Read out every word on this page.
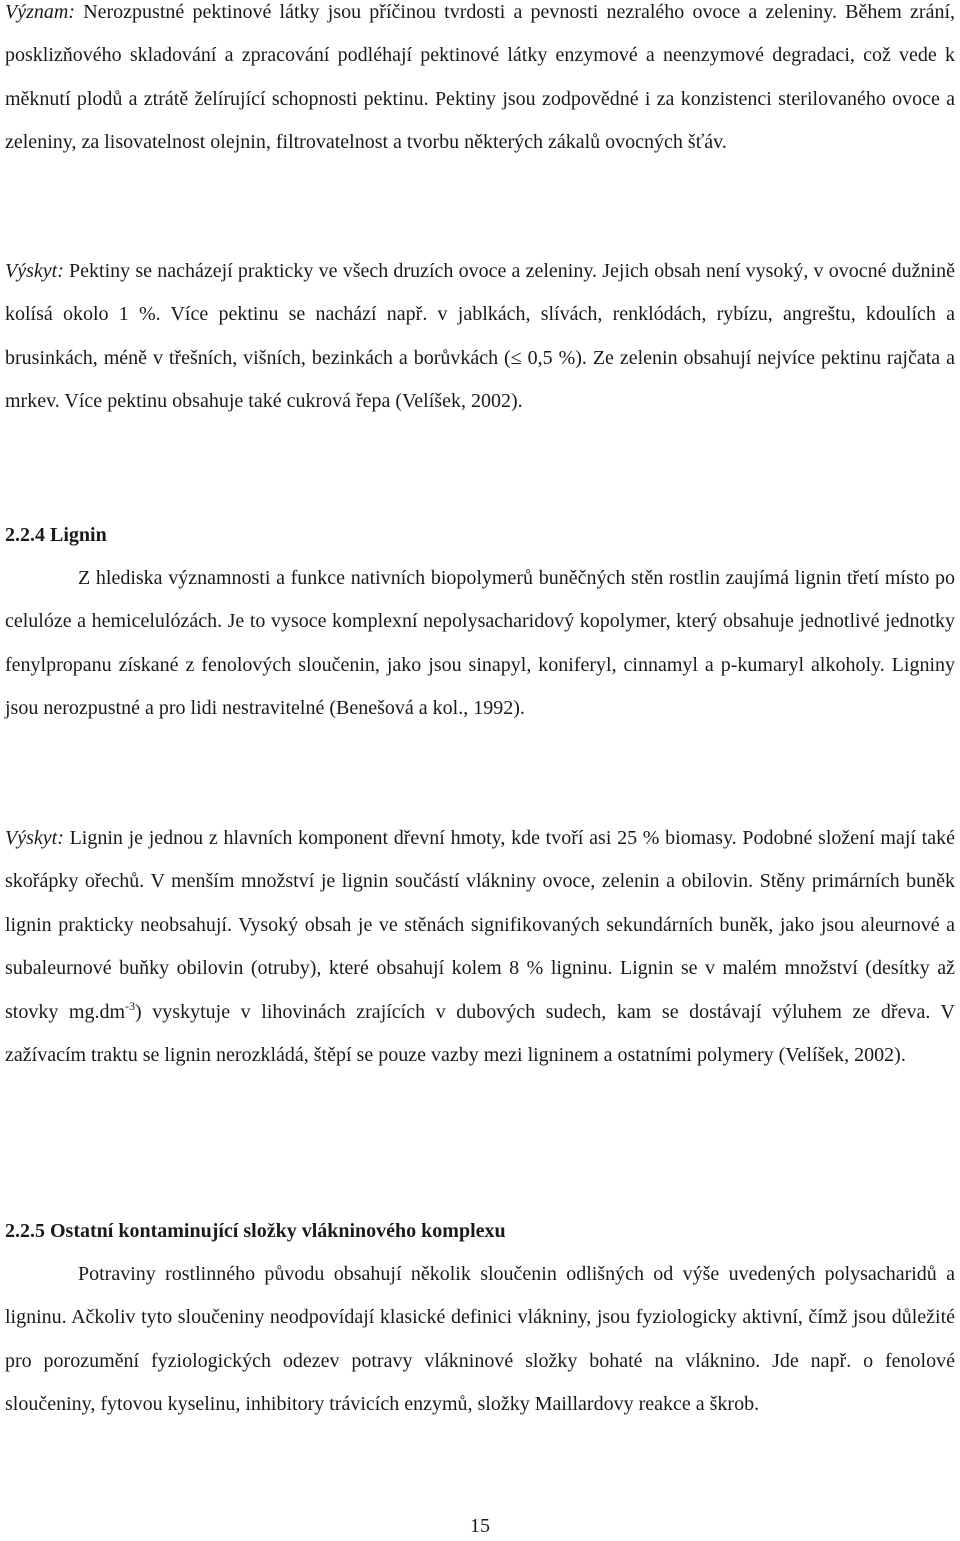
Význam: Nerozpustné pektinové látky jsou příčinou tvrdosti a pevnosti nezralého ovoce a zeleniny. Během zrání, posklizňového skladování a zpracování podléhají pektinové látky enzymové a neenzymové degradaci, což vede k měknutí plodů a ztrátě želírující schopnosti pektinu. Pektiny jsou zodpovědné i za konzistenci sterilovaného ovoce a zeleniny, za lisovatelnost olejnin, filtrovatelnost a tvorbu některých zákalů ovocných šťáv.

Výskyt: Pektiny se nacházejí prakticky ve všech druzích ovoce a zeleniny. Jejich obsah není vysoký, v ovocné dužnině kolísá okolo 1 %. Více pektinu se nachází např. v jablkách, slívách, renklódách, rybízu, angreštu, kdoulích a brusinkách, méně v třešních, višních, bezinkách a borůvkách (≤ 0,5 %). Ze zelenin obsahují nejvíce pektinu rajčata a mrkev. Více pektinu obsahuje také cukrová řepa (Velíšek, 2002).

2.2.4 Lignin

Z hlediska významnosti a funkce nativních biopolymerů buněčných stěn rostlin zaujímá lignin třetí místo po celulóze a hemicelulózách. Je to vysoce komplexní nepolysacharidový kopolymer, který obsahuje jednotlivé jednotky fenylpropanu získané z fenolových sloučenin, jako jsou sinapyl, koniferyl, cinnamyl a p-kumaryl alkoholy. Ligniny jsou nerozpustné a pro lidi nestravitelné (Benešová a kol., 1992).

Výskyt: Lignin je jednou z hlavních komponent dřevní hmoty, kde tvoří asi 25 % biomasy. Podobné složení mají také skořápky ořechů. V menším množství je lignin součástí vlákniny ovoce, zelenin a obilovin. Stěny primárních buněk lignin prakticky neobsahují. Vysoký obsah je ve stěnách signifikovaných sekundárních buněk, jako jsou aleurnové a subaleurnové buňky obilovin (otruby), které obsahují kolem 8 % ligninu. Lignin se v malém množství (desítky až stovky $mg.dm^{-3}$) vyskytuje v lihovinách zrajících v dubových sudech, kam se dostávají výluhem ze dřeva. V zažívacím traktu se lignin nerozkládá, štěpí se pouze vazby mezi ligninem a ostatními polymery (Velíšek, 2002).

2.2.5 Ostatní kontaminující složky vlákninového komplexu

Potraviny rostlinného původu obsahují několik sloučenin odlišných od výše uvedených polysacharidů a ligninu. Ačkoliv tyto sloučeniny neodpovídají klasické definici vlákniny, jsou fyziologicky aktivní, čímž jsou důležité pro porozumění fyziologických odezev potravy vlákninové složky bohaté na vláknino. Jde např. o fenolové sloučeniny, fytovou kyselinu, inhibitory trávicích enzymů, složky Maillardovy reakce a škrob.

15
